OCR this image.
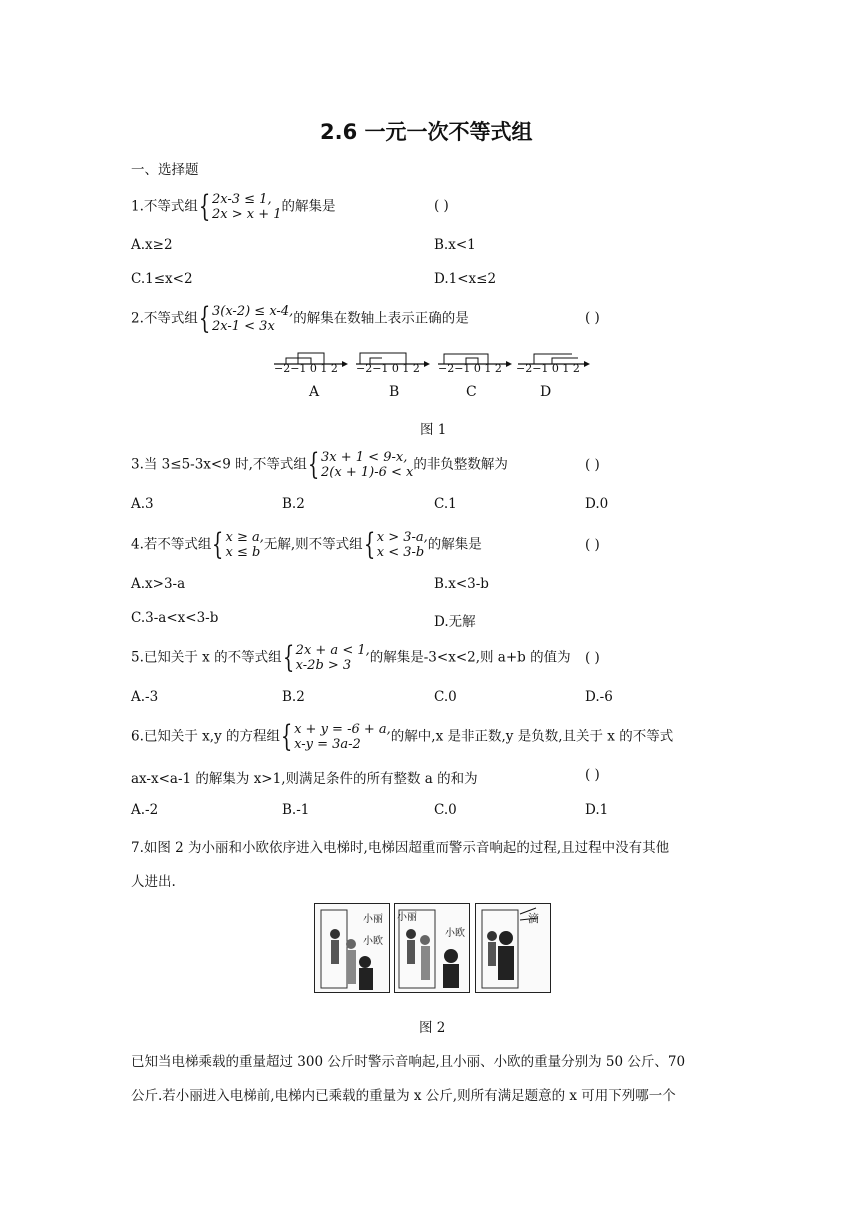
2.6 一元一次不等式组
一、选择题
1.不等式组 { 2x-3 ≤ 1,
2x > x + 1 的解集是	( )
A.x≥2	B.x<1
C.1≤x<2	D.1<x≤2
2.不等式组 { 3(x-2) ≤ x-4,
2x-1 < 3x	的解集在数轴上表示正确的是	( )
−2−1 0 1 2 −2−1 0 1 2 −2−1 0 1 2 −2−1 0 1 2
A	B	C	D
图 1
3.当 3≤5-3x<9 时,不等式组 { 3x + 1 < 9-x,
2(x + 1)-6 < x 的非负整数解为	( )
A.3	B.2	C.1	D.0
4.若不等式组 { x ≥ a,
x ≤ b 无解,则不等式组 { x > 3-a,
x < 3-b 的解集是	( )
A.x>3-a	B.x<3-b
C.3-a<x<3-b	D.无解
5.已知关于 x 的不等式组 { 2x + a < 1,
x-2b > 3	的解集是-3<x<2,则 a+b 的值为 ( )
A.-3	B.2	C.0	D.-6
6.已知关于 x,y 的方程组 { x + y = -6 + a,
x-y = 3a-2	的解中,x 是非正数,y 是负数,且关于 x 的不等式
ax-x<a-1 的解集为 x>1,则满足条件的所有整数 a 的和为	( )
A.-2	B.-1	C.0	D.1
7.如图 2 为小丽和小欧依序进入电梯时,电梯因超重而警示音响起的过程,且过程中没有其他
人进出.
小丽
小欧
小丽
小欧
滴
图 2
已知当电梯乘载的重量超过 300 公斤时警示音响起,且小丽、小欧的重量分别为 50 公斤、70
公斤.若小丽进入电梯前,电梯内已乘载的重量为 x 公斤,则所有满足题意的 x 可用下列哪一个
